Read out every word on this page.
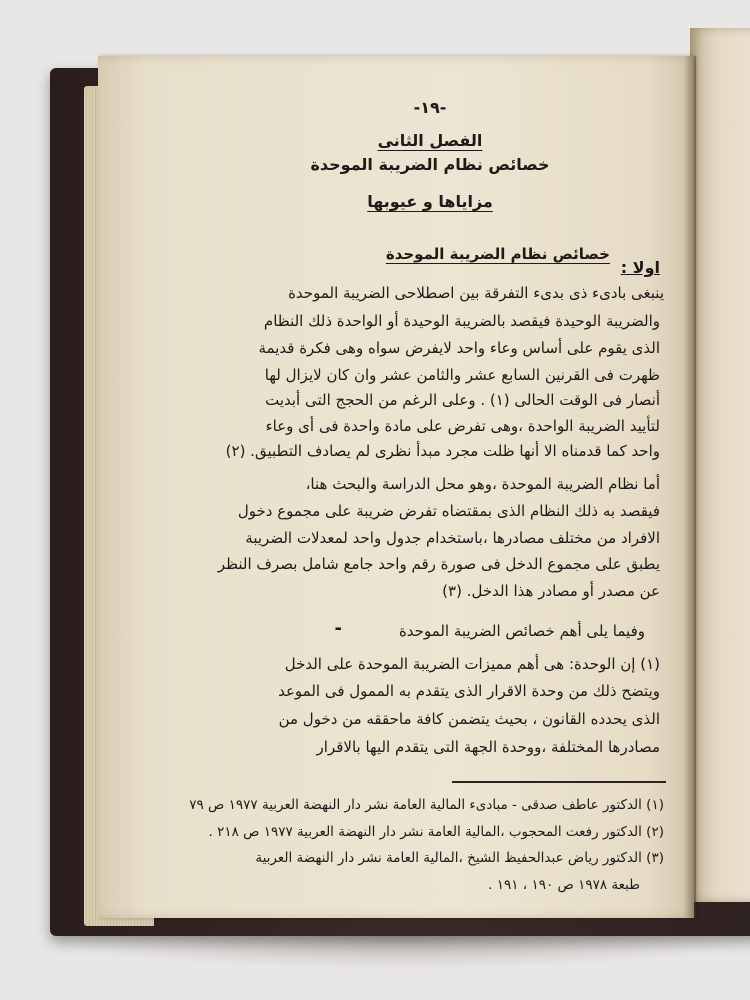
-١٩-
الفصل الثانى
خصائص نظام الضريبة الموحدة
مزاياها و عيوبها
اولا :
خصائص نظام الضريبة الموحدة
ينبغى بادىء ذى بدىء التفرقة بين اصطلاحى الضريبة الموحدة
والضريبة الوحيدة فيقصد بالضريبة الوحيدة أو الواحدة ذلك النظام
الذى يقوم على أساس وعاء واحد لايفرض سواه وهى فكرة قديمة
ظهرت فى القرنين السابع عشر والثامن عشر وان كان لايزال لها
أنصار فى الوقت الحالى (١) . وعلى الرغم من الحجج التى أبديت
لتأييد الضريبة الواحدة ،وهى تفرض على مادة واحدة فى أى وعاء
واحد كما قدمناه الا أنها ظلت مجرد مبدأ نظرى لم يصادف التطبيق. (٢)
أما نظام الضريبة الموحدة ،وهو محل الدراسة والبحث هنا،
فيقصد به ذلك النظام الذى بمقتضاه تفرض ضريبة على مجموع دخول
الافراد من مختلف مصادرها ،باستخدام جدول واحد لمعدلات الضريبة
يطبق على مجموع الدخل فى صورة رقم واحد جامع شامل بصرف النظر
عن مصدر أو مصادر هذا الدخل. (٣)
وفيما يلى أهم خصائص الضريبة الموحدة
-
(١) إن الوحدة: هى أهم مميزات الضريبة الموحدة على الدخل
ويتضح ذلك من وحدة الاقرار الذى يتقدم به الممول فى الموعد
الذى يحدده القانون ، بحيث يتضمن كافة ماحققه من دخول من
مصادرها المختلفة ،ووحدة الجهة التى يتقدم اليها بالاقرار
(١) الدكتور عاطف صدقى - مبادىء المالية العامة نشر دار النهضة العربية ١٩٧٧ ص ٧٩
(٢) الدكتور رفعت المحجوب ،المالية العامة نشر دار النهضة العربية ١٩٧٧ ص ٢١٨ .
(٣) الدكتور رياض عبدالحفيظ الشيخ ،المالية العامة نشر دار النهضة العربية
طبعة ١٩٧٨ ص ١٩٠ ، ١٩١ .
